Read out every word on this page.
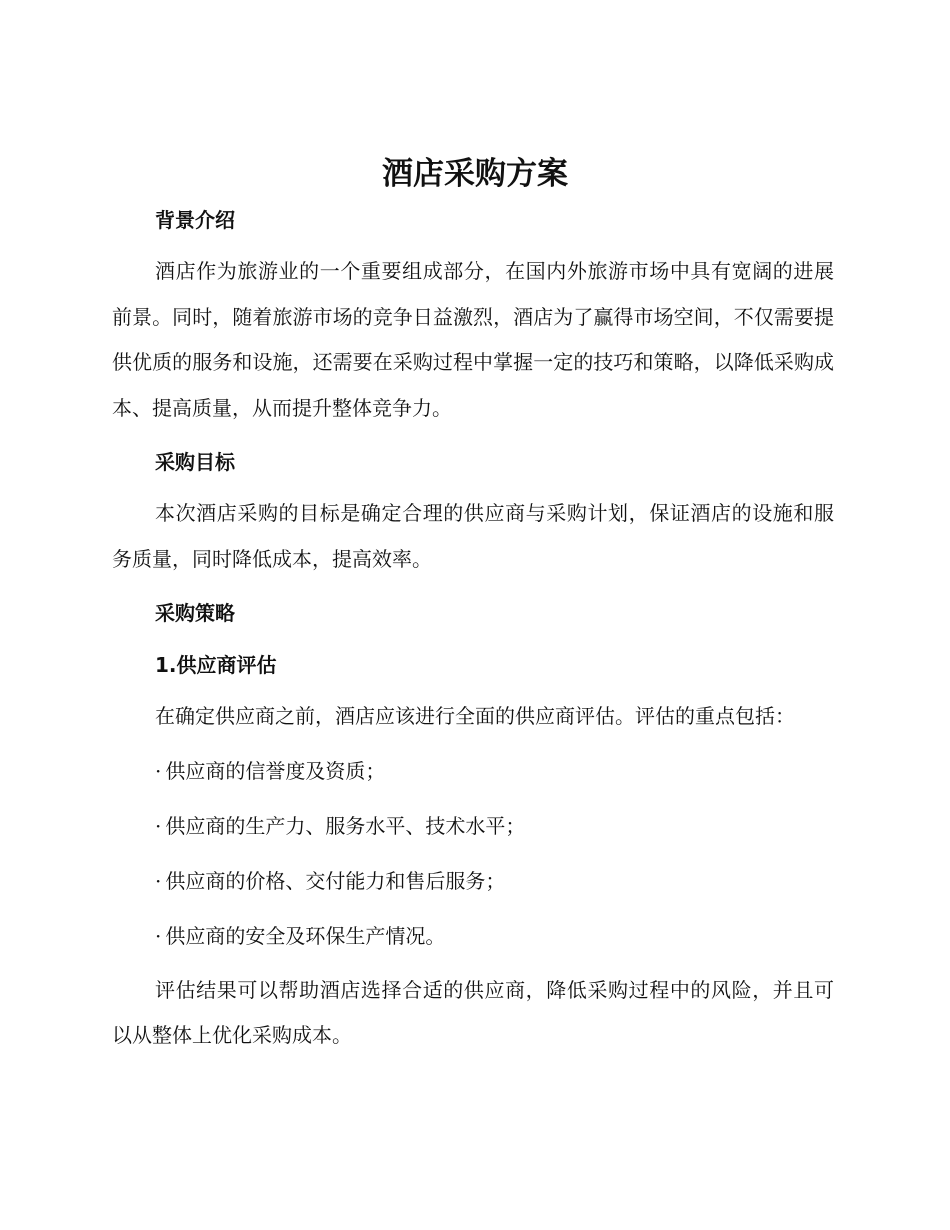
酒店采购方案
背景介绍

酒店作为旅游业的一个重要组成部分，在国内外旅游市场中具有宽阔的进展前景。同时，随着旅游市场的竞争日益激烈，酒店为了赢得市场空间，不仅需要提供优质的服务和设施，还需要在采购过程中掌握一定的技巧和策略，以降低采购成本、提高质量，从而提升整体竞争力。

采购目标

本次酒店采购的目标是确定合理的供应商与采购计划，保证酒店的设施和服务质量，同时降低成本，提高效率。

采购策略
1.供应商评估

在确定供应商之前，酒店应该进行全面的供应商评估。评估的重点包括：

· 供应商的信誉度及资质；
· 供应商的生产力、服务水平、技术水平；
· 供应商的价格、交付能力和售后服务；
· 供应商的安全及环保生产情况。

评估结果可以帮助酒店选择合适的供应商，降低采购过程中的风险，并且可以从整体上优化采购成本。
